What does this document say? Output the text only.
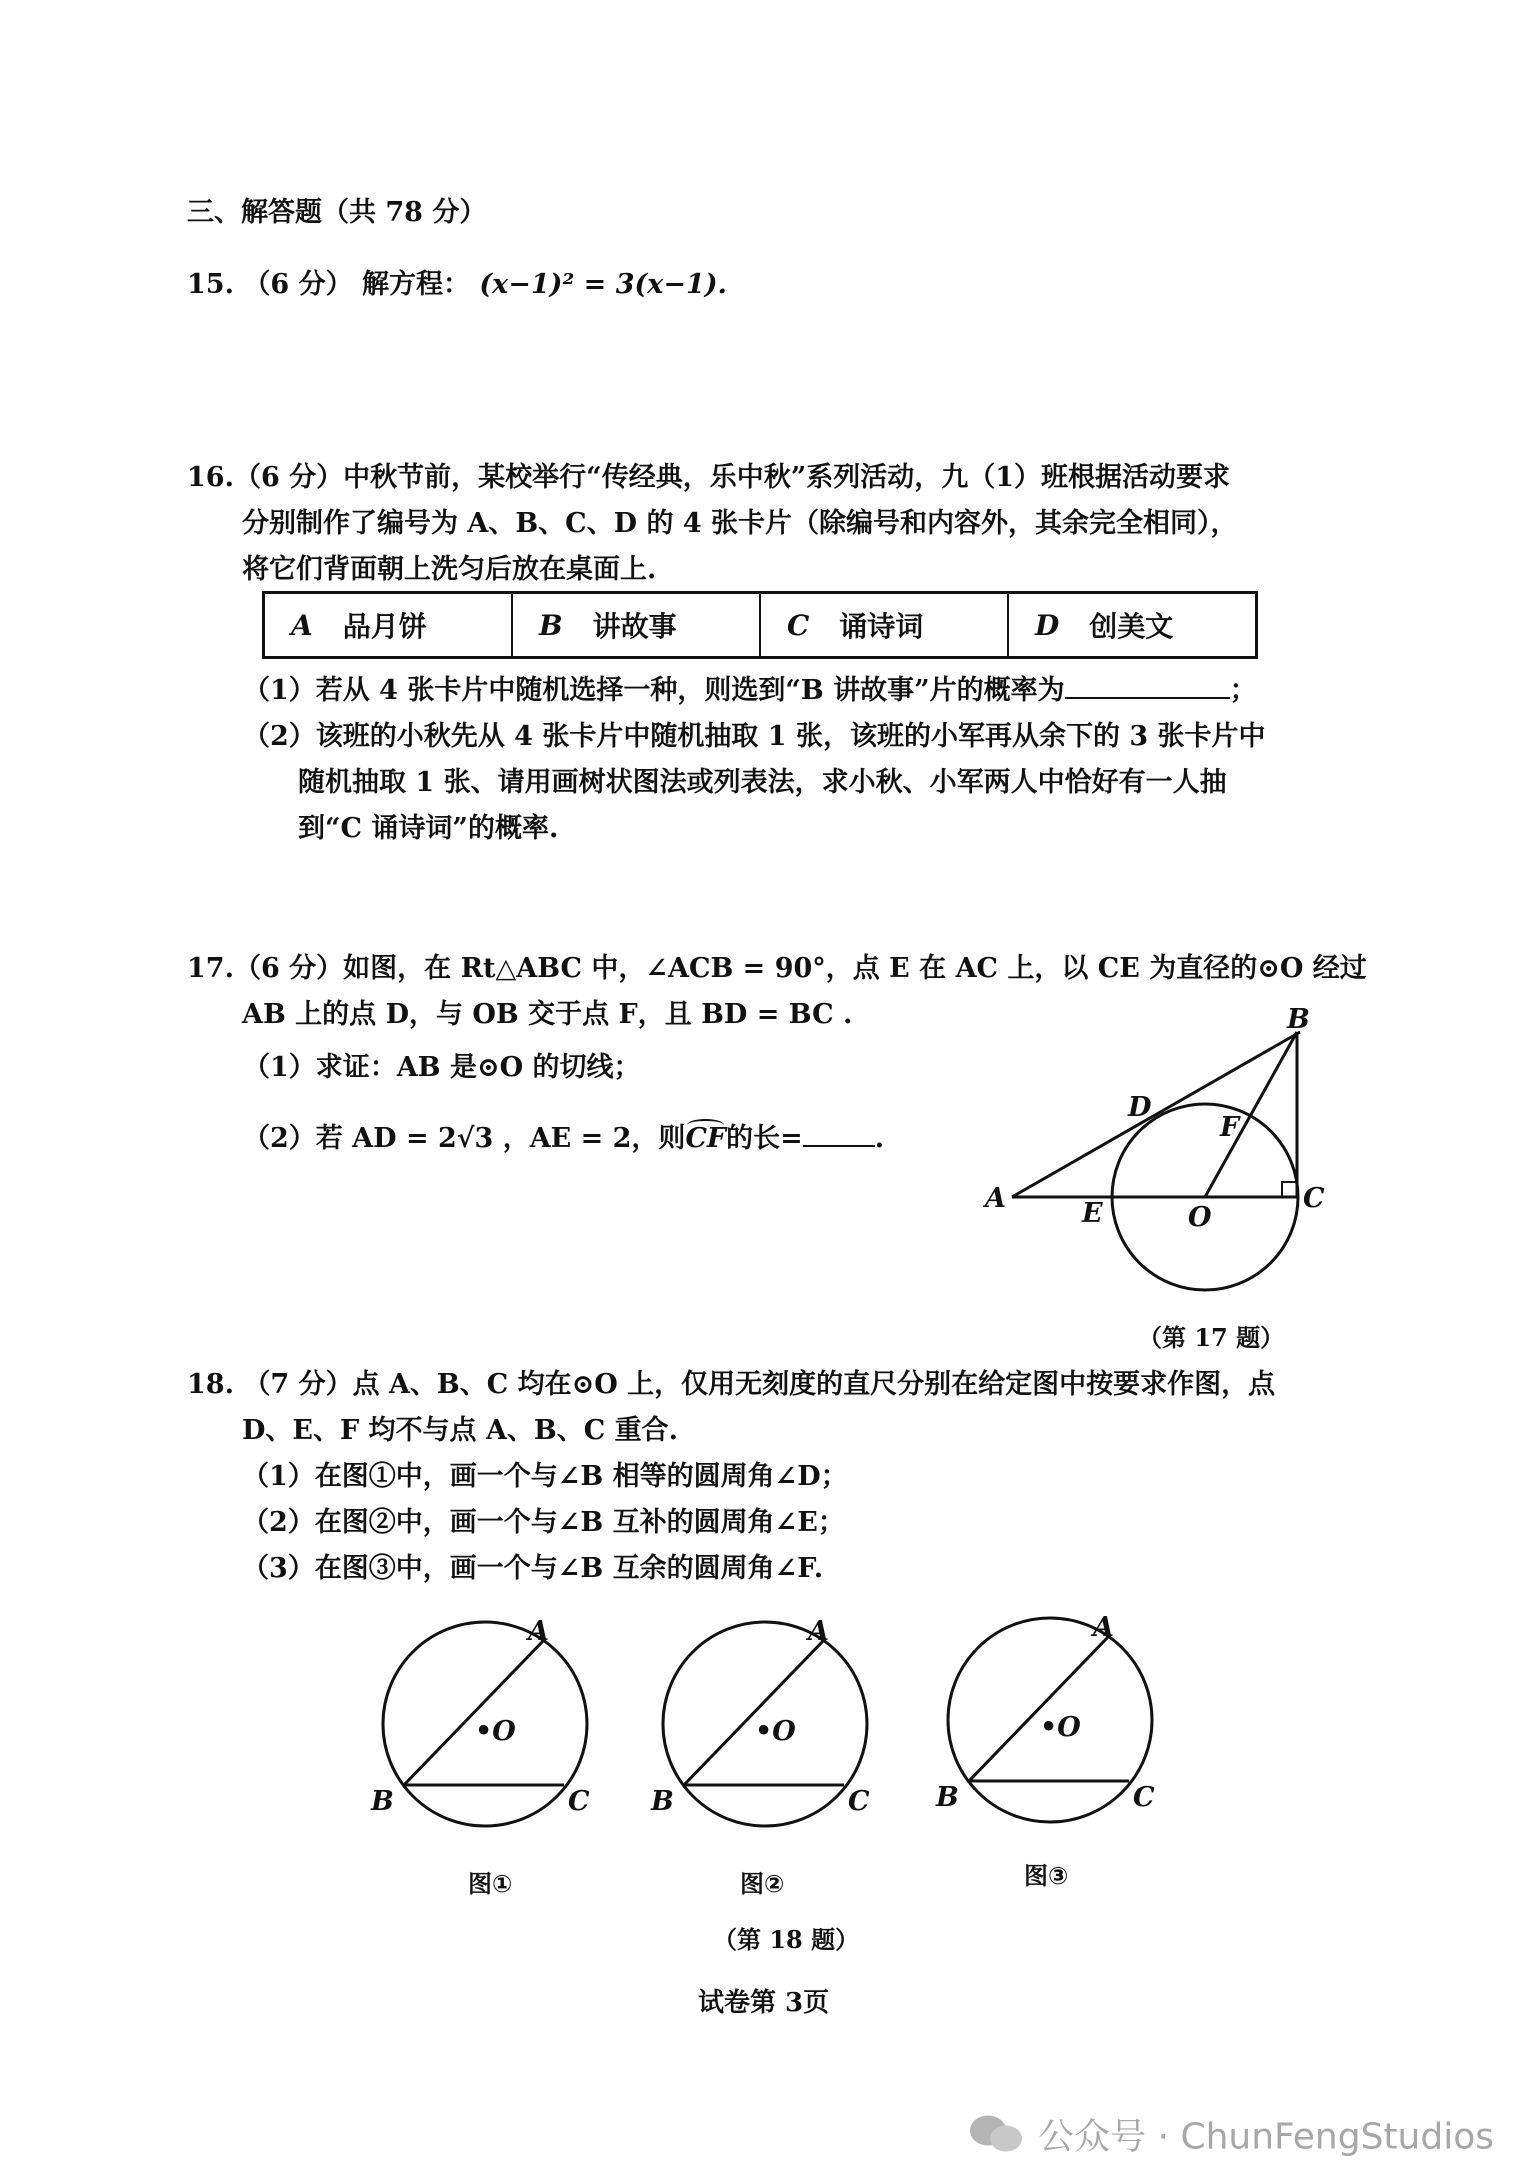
三、解答题（共 78 分）
15. （6 分） 解方程： (x−1)² = 3(x−1).
16.（6 分）中秋节前，某校举行“传经典，乐中秋”系列活动，九（1）班根据活动要求
分别制作了编号为 A、B、C、D 的 4 张卡片（除编号和内容外，其余完全相同），
将它们背面朝上洗匀后放在桌面上.
A 品月饼	B 讲故事	C 诵诗词	D 创美文
（1）若从 4 张卡片中随机选择一种，则选到“B 讲故事”片的概率为	；
（2）该班的小秋先从 4 张卡片中随机抽取 1 张，该班的小军再从余下的 3 张卡片中
随机抽取 1 张、请用画树状图法或列表法，求小秋、小军两人中恰好有一人抽
到“C 诵诗词”的概率.
17.（6 分）如图，在 Rt△ABC 中，∠ACB = 90°，点 E 在 AC 上，以 CE 为直径的⊙O 经过
AB 上的点 D，与 OB 交于点 F，且 BD = BC .
（1）求证：AB 是⊙O 的切线；
（2）若 AD = 2√3 ，AE = 2，则CF的长=	.
A
B
C
D
E
F
O
（第 17 题）
18. （7 分）点 A、B、C 均在⊙O 上，仅用无刻度的直尺分别在给定图中按要求作图，点
D、E、F 均不与点 A、B、C 重合.
（1）在图①中，画一个与∠B 相等的圆周角∠D；
（2）在图②中，画一个与∠B 互补的圆周角∠E；
（3）在图③中，画一个与∠B 互余的圆周角∠F.
A
B	C
•O
A
B	C
•O
A
B	C
•O
图①	图②	图③
（第 18 题）
试卷第 3页
公众号 · ChunFengStudios
